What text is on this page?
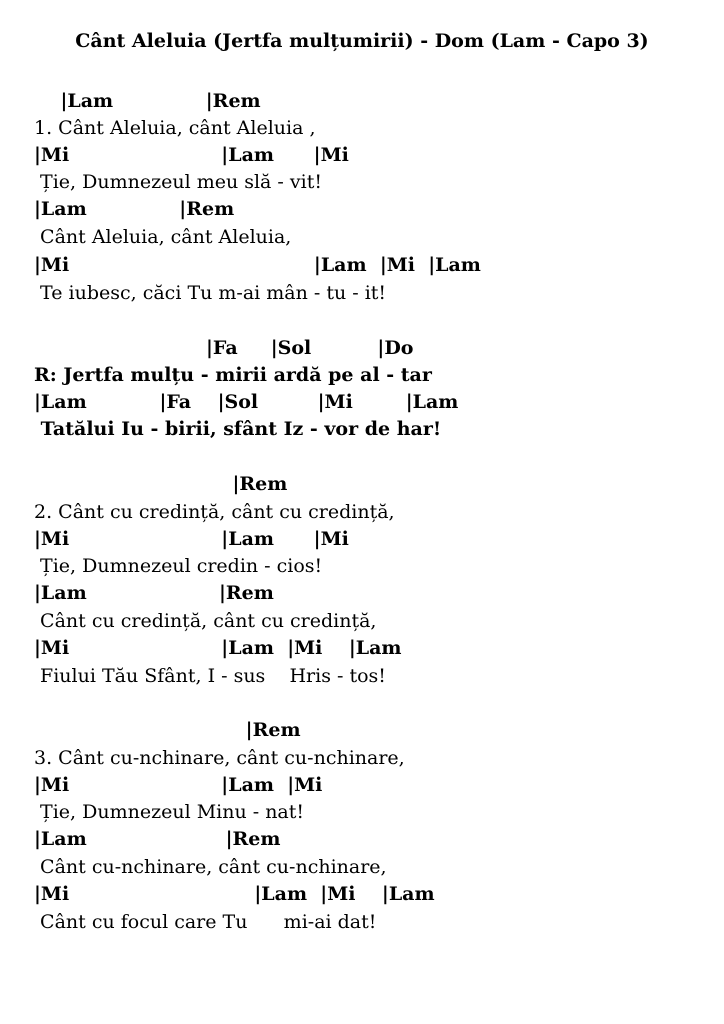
Cânt Aleluia (Jertfa mulțumirii) - Dom (Lam - Capo 3)
|Lam              |Rem
1. Cânt Aleluia, cânt Aleluia ,
|Mi                       |Lam      |Mi
Ție, Dumnezeul meu slă - vit!
|Lam              |Rem
Cânt Aleluia, cânt Aleluia,
|Mi                                     |Lam  |Mi  |Lam
Te iubesc, căci Tu m-ai mân - tu - it!
|Fa     |Sol          |Do
R: Jertfa mulțu - mirii ardă pe al - tar
|Lam           |Fa    |Sol         |Mi        |Lam
Tatălui Iu - birii, sfânt Iz - vor de har!
|Rem
2. Cânt cu credință, cânt cu credință,
|Mi                       |Lam      |Mi
Ție, Dumnezeul credin - cios!
|Lam                    |Rem
Cânt cu credință, cânt cu credință,
|Mi                       |Lam  |Mi    |Lam
Fiului Tău Sfânt, I - sus    Hris - tos!
|Rem
3. Cânt cu-nchinare, cânt cu-nchinare,
|Mi                       |Lam  |Mi
Ție, Dumnezeul Minu - nat!
|Lam                     |Rem
Cânt cu-nchinare, cânt cu-nchinare,
|Mi                            |Lam  |Mi    |Lam
Cânt cu focul care Tu      mi-ai dat!
